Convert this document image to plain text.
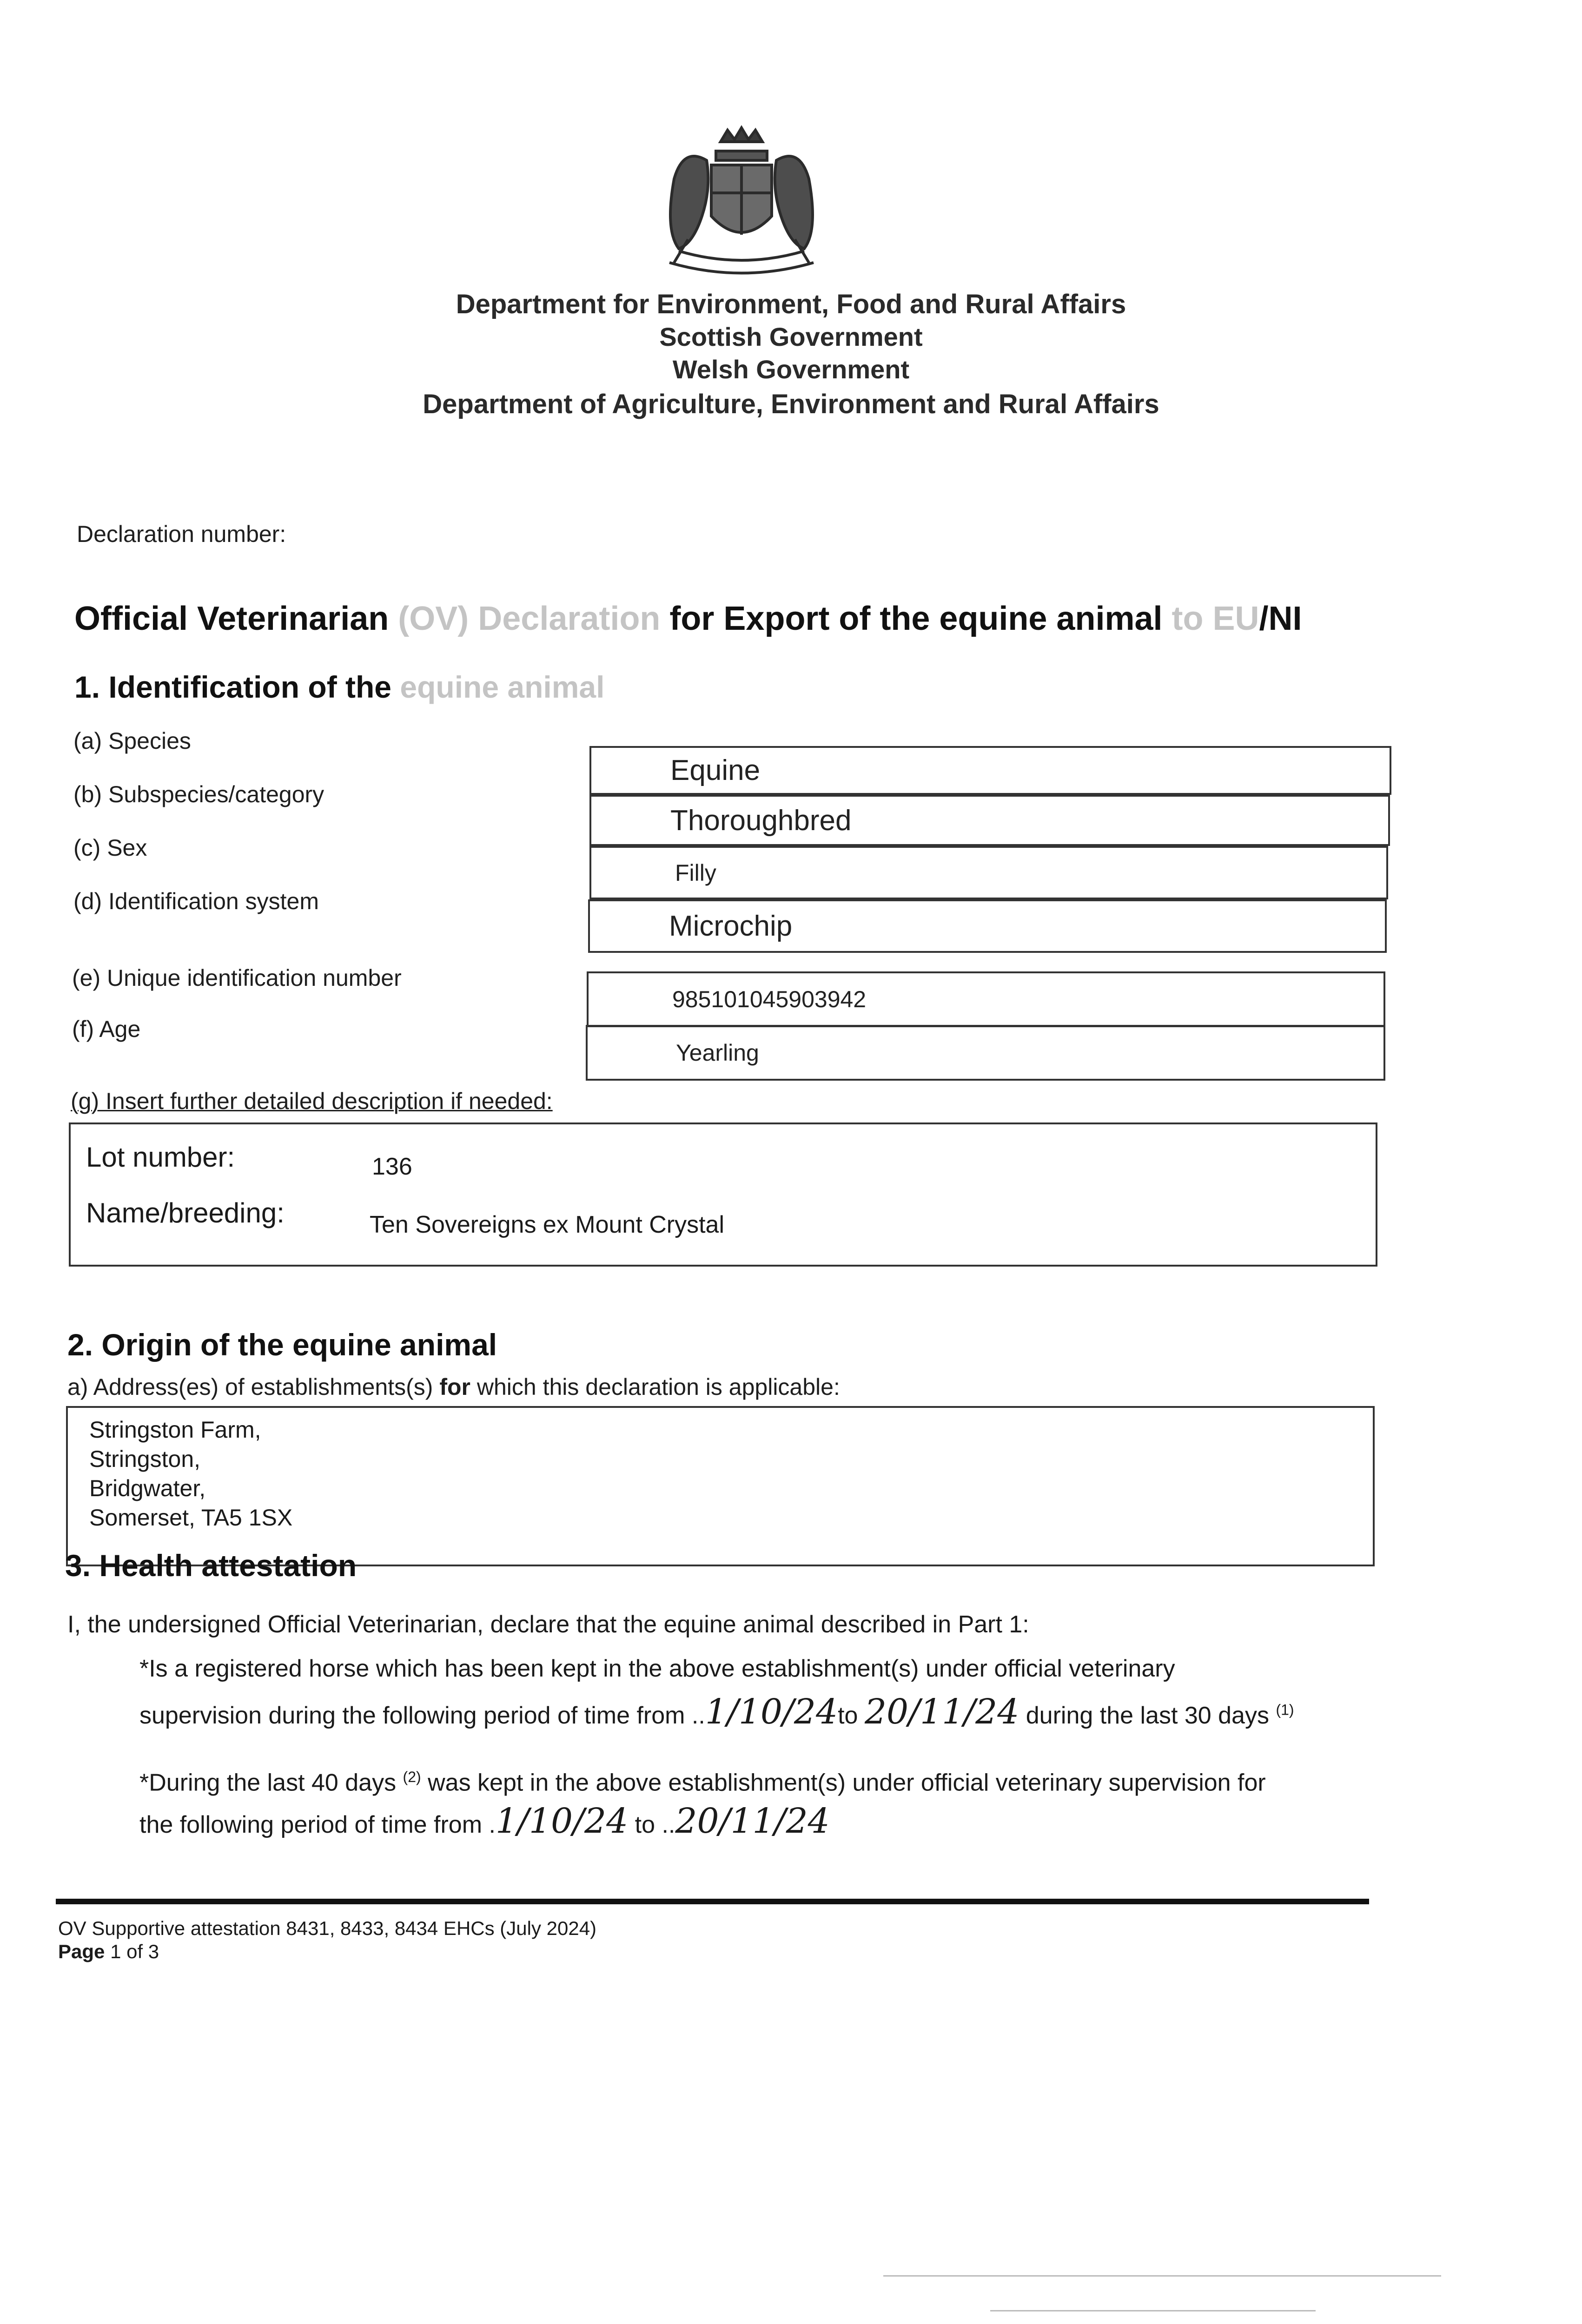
Department for Environment, Food and Rural Affairs
Scottish Government
Welsh Government
Department of Agriculture, Environment and Rural Affairs
Declaration number:
Official Veterinarian (OV) Declaration for Export of the equine animal to EU/NI
1. Identification of the equine animal
(a) Species
Equine
(b) Subspecies/category
Thoroughbred
(c) Sex
Filly
(d) Identification system
Microchip
(e) Unique identification number
985101045903942
(f) Age
Yearling
(g) Insert further detailed description if needed:
Lot number:	136
Name/breeding:	Ten Sovereigns ex Mount Crystal
2. Origin of the equine animal
a) Address(es) of establishments(s) for which this declaration is applicable:
Stringston Farm,
Stringston,
Bridgwater,
Somerset, TA5 1SX
3. Health attestation
I, the undersigned Official Veterinarian, declare that the equine animal described in Part 1:
*Is a registered horse which has been kept in the above establishment(s) under official veterinary
supervision during the following period of time from ..1/10/24to 20/11/24 during the last 30 days $^{(1)}$
*During the last 40 days $^{(2)}$ was kept in the above establishment(s) under official veterinary supervision for
the following period of time from .1/10/24 to ..20/11/24
OV Supportive attestation 8431, 8433, 8434 EHCs (July 2024)
Page 1 of 3
